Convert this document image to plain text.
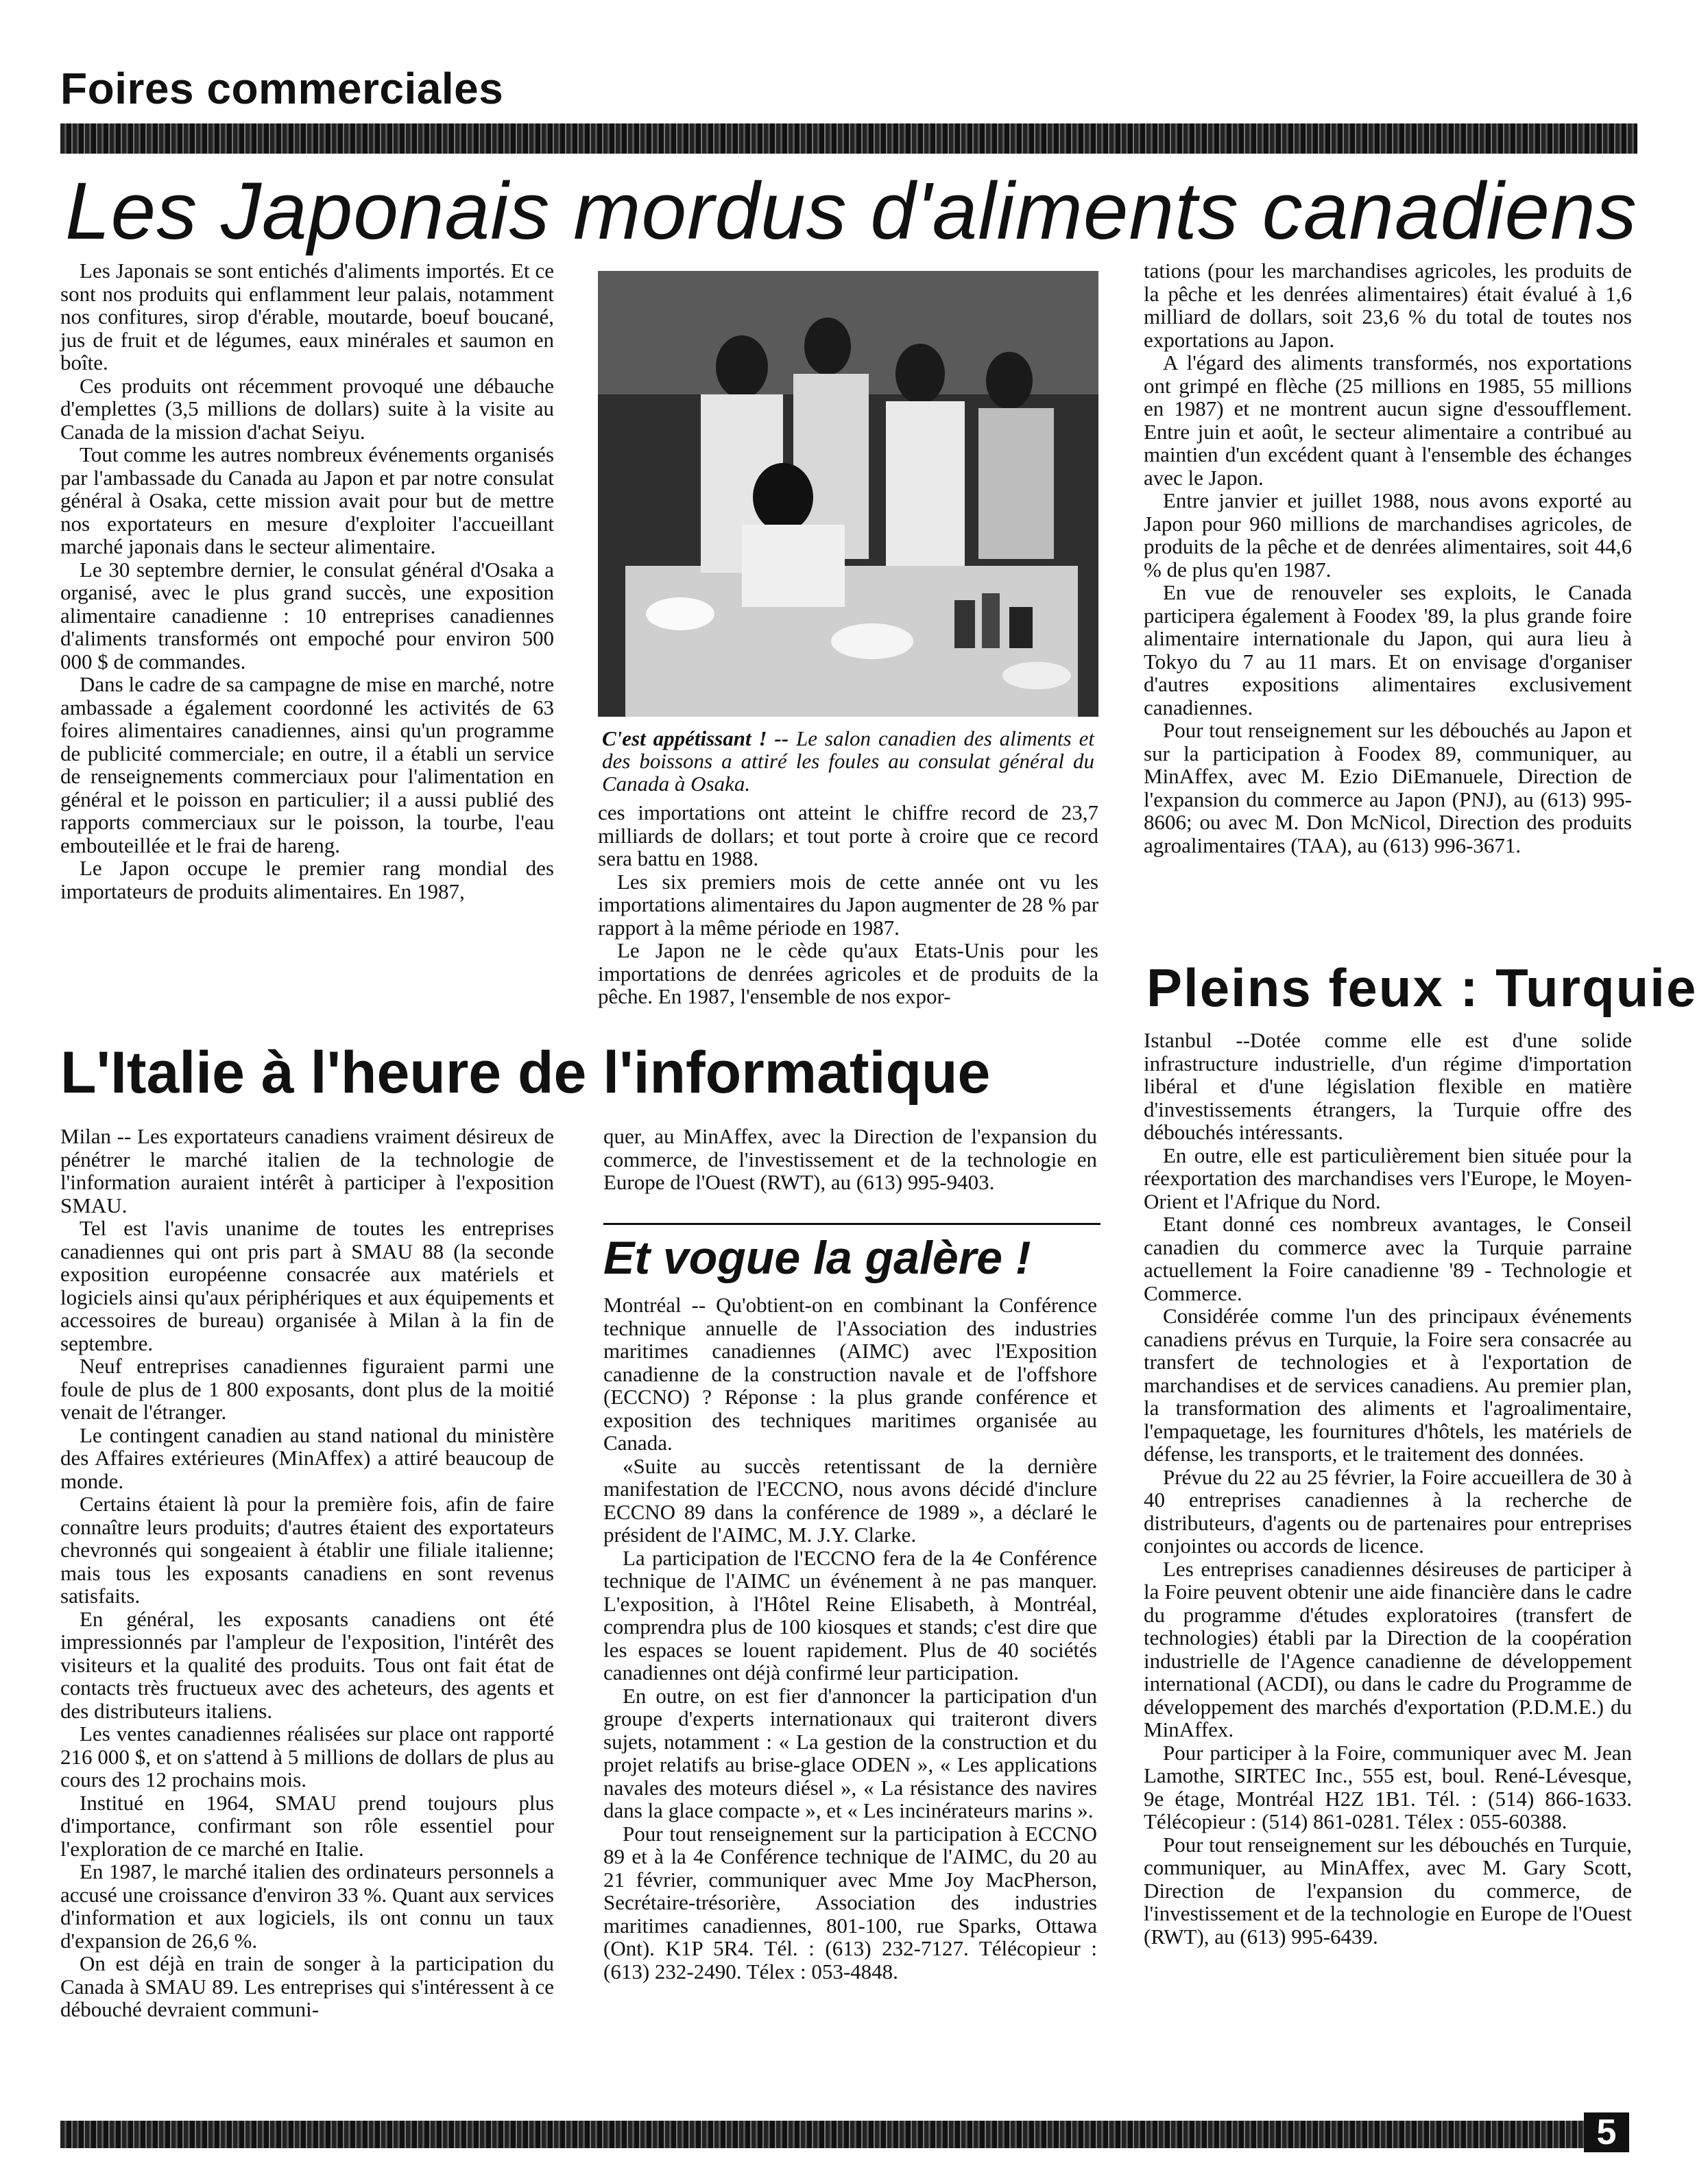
Foires commerciales
Les Japonais mordus d'aliments canadiens

Les Japonais se sont entichés d'aliments importés. Et ce sont nos produits qui enflamment leur palais, notamment nos confitures, sirop d'érable, moutarde, boeuf boucané, jus de fruit et de légumes, eaux minérales et saumon en boîte.

Ces produits ont récemment provoqué une débauche d'emplettes (3,5 millions de dollars) suite à la visite au Canada de la mission d'achat Seiyu.

Tout comme les autres nombreux événements organisés par l'ambassade du Canada au Japon et par notre consulat général à Osaka, cette mission avait pour but de mettre nos exportateurs en mesure d'exploiter l'accueillant marché japonais dans le secteur alimentaire.

Le 30 septembre dernier, le consulat général d'Osaka a organisé, avec le plus grand succès, une exposition alimentaire canadienne : 10 entreprises canadiennes d'aliments transformés ont empoché pour environ 500 000 $ de commandes.

Dans le cadre de sa campagne de mise en marché, notre ambassade a également coordonné les activités de 63 foires alimentaires canadiennes, ainsi qu'un programme de publicité commerciale; en outre, il a établi un service de renseignements commerciaux pour l'alimentation en général et le poisson en particulier; il a aussi publié des rapports commerciaux sur le poisson, la tourbe, l'eau embouteillée et le frai de hareng.

Le Japon occupe le premier rang mondial des importateurs de produits alimentaires. En 1987,

C'est appétissant ! -- Le salon canadien des aliments et des boissons a attiré les foules au consulat général du Canada à Osaka.

ces importations ont atteint le chiffre record de 23,7 milliards de dollars; et tout porte à croire que ce record sera battu en 1988.

Les six premiers mois de cette année ont vu les importations alimentaires du Japon augmenter de 28 % par rapport à la même période en 1987.

Le Japon ne le cède qu'aux Etats-Unis pour les importations de denrées agricoles et de produits de la pêche. En 1987, l'ensemble de nos expor-

tations (pour les marchandises agricoles, les produits de la pêche et les denrées alimentaires) était évalué à 1,6 milliard de dollars, soit 23,6 % du total de toutes nos exportations au Japon.

A l'égard des aliments transformés, nos exportations ont grimpé en flèche (25 millions en 1985, 55 millions en 1987) et ne montrent aucun signe d'essoufflement. Entre juin et août, le secteur alimentaire a contribué au maintien d'un excédent quant à l'ensemble des échanges avec le Japon.

Entre janvier et juillet 1988, nous avons exporté au Japon pour 960 millions de marchandises agricoles, de produits de la pêche et de denrées alimentaires, soit 44,6 % de plus qu'en 1987.

En vue de renouveler ses exploits, le Canada participera également à Foodex '89, la plus grande foire alimentaire internationale du Japon, qui aura lieu à Tokyo du 7 au 11 mars. Et on envisage d'organiser d'autres expositions alimentaires exclusivement canadiennes.

Pour tout renseignement sur les débouchés au Japon et sur la participation à Foodex 89, communiquer, au MinAffex, avec M. Ezio DiEmanuele, Direction de l'expansion du commerce au Japon (PNJ), au (613) 995-8606; ou avec M. Don McNicol, Direction des produits agroalimentaires (TAA), au (613) 996-3671.

Pleins feux : Turquie

Istanbul --Dotée comme elle est d'une solide infrastructure industrielle, d'un régime d'importation libéral et d'une législation flexible en matière d'investissements étrangers, la Turquie offre des débouchés intéressants.

En outre, elle est particulièrement bien située pour la réexportation des marchandises vers l'Europe, le Moyen-Orient et l'Afrique du Nord.

Etant donné ces nombreux avantages, le Conseil canadien du commerce avec la Turquie parraine actuellement la Foire canadienne '89 - Technologie et Commerce.

Considérée comme l'un des principaux événements canadiens prévus en Turquie, la Foire sera consacrée au transfert de technologies et à l'exportation de marchandises et de services canadiens. Au premier plan, la transformation des aliments et l'agroalimentaire, l'empaquetage, les fournitures d'hôtels, les matériels de défense, les transports, et le traitement des données.

Prévue du 22 au 25 février, la Foire accueillera de 30 à 40 entreprises canadiennes à la recherche de distributeurs, d'agents ou de partenaires pour entreprises conjointes ou accords de licence.

Les entreprises canadiennes désireuses de participer à la Foire peuvent obtenir une aide financière dans le cadre du programme d'études exploratoires (transfert de technologies) établi par la Direction de la coopération industrielle de l'Agence canadienne de développement international (ACDI), ou dans le cadre du Programme de développement des marchés d'exportation (P.D.M.E.) du MinAffex.

Pour participer à la Foire, communiquer avec M. Jean Lamothe, SIRTEC Inc., 555 est, boul. René-Lévesque, 9e étage, Montréal H2Z 1B1. Tél. : (514) 866-1633. Télécopieur : (514) 861-0281. Télex : 055-60388.

Pour tout renseignement sur les débouchés en Turquie, communiquer, au MinAffex, avec M. Gary Scott, Direction de l'expansion du commerce, de l'investissement et de la technologie en Europe de l'Ouest (RWT), au (613) 995-6439.

L'Italie à l'heure de l'informatique

Milan -- Les exportateurs canadiens vraiment désireux de pénétrer le marché italien de la technologie de l'information auraient intérêt à participer à l'exposition SMAU.

Tel est l'avis unanime de toutes les entreprises canadiennes qui ont pris part à SMAU 88 (la seconde exposition européenne consacrée aux matériels et logiciels ainsi qu'aux périphériques et aux équipements et accessoires de bureau) organisée à Milan à la fin de septembre.

Neuf entreprises canadiennes figuraient parmi une foule de plus de 1 800 exposants, dont plus de la moitié venait de l'étranger.

Le contingent canadien au stand national du ministère des Affaires extérieures (MinAffex) a attiré beaucoup de monde.

Certains étaient là pour la première fois, afin de faire connaître leurs produits; d'autres étaient des exportateurs chevronnés qui songeaient à établir une filiale italienne; mais tous les exposants canadiens en sont revenus satisfaits.

En général, les exposants canadiens ont été impressionnés par l'ampleur de l'exposition, l'intérêt des visiteurs et la qualité des produits. Tous ont fait état de contacts très fructueux avec des acheteurs, des agents et des distributeurs italiens.

Les ventes canadiennes réalisées sur place ont rapporté 216 000 $, et on s'attend à 5 millions de dollars de plus au cours des 12 prochains mois.

Institué en 1964, SMAU prend toujours plus d'importance, confirmant son rôle essentiel pour l'exploration de ce marché en Italie.

En 1987, le marché italien des ordinateurs personnels a accusé une croissance d'environ 33 %. Quant aux services d'information et aux logiciels, ils ont connu un taux d'expansion de 26,6 %.

On est déjà en train de songer à la participation du Canada à SMAU 89. Les entreprises qui s'intéressent à ce débouché devraient communi-

quer, au MinAffex, avec la Direction de l'expansion du commerce, de l'investissement et de la technologie en Europe de l'Ouest (RWT), au (613) 995-9403.

Et vogue la galère !

Montréal -- Qu'obtient-on en combinant la Conférence technique annuelle de l'Association des industries maritimes canadiennes (AIMC) avec l'Exposition canadienne de la construction navale et de l'offshore (ECCNO) ? Réponse : la plus grande conférence et exposition des techniques maritimes organisée au Canada.

«Suite au succès retentissant de la dernière manifestation de l'ECCNO, nous avons décidé d'inclure ECCNO 89 dans la conférence de 1989 », a déclaré le président de l'AIMC, M. J.Y. Clarke.

La participation de l'ECCNO fera de la 4e Conférence technique de l'AIMC un événement à ne pas manquer. L'exposition, à l'Hôtel Reine Elisabeth, à Montréal, comprendra plus de 100 kiosques et stands; c'est dire que les espaces se louent rapidement. Plus de 40 sociétés canadiennes ont déjà confirmé leur participation.

En outre, on est fier d'annoncer la participation d'un groupe d'experts internationaux qui traiteront divers sujets, notamment : « La gestion de la construction et du projet relatifs au brise-glace ODEN », « Les applications navales des moteurs diésel », « La résistance des navires dans la glace compacte », et « Les incinérateurs marins ».

Pour tout renseignement sur la participation à ECCNO 89 et à la 4e Conférence technique de l'AIMC, du 20 au 21 février, communiquer avec Mme Joy MacPherson, Secrétaire-trésorière, Association des industries maritimes canadiennes, 801-100, rue Sparks, Ottawa (Ont). K1P 5R4. Tél. : (613) 232-7127. Télécopieur : (613) 232-2490. Télex : 053-4848.

5
